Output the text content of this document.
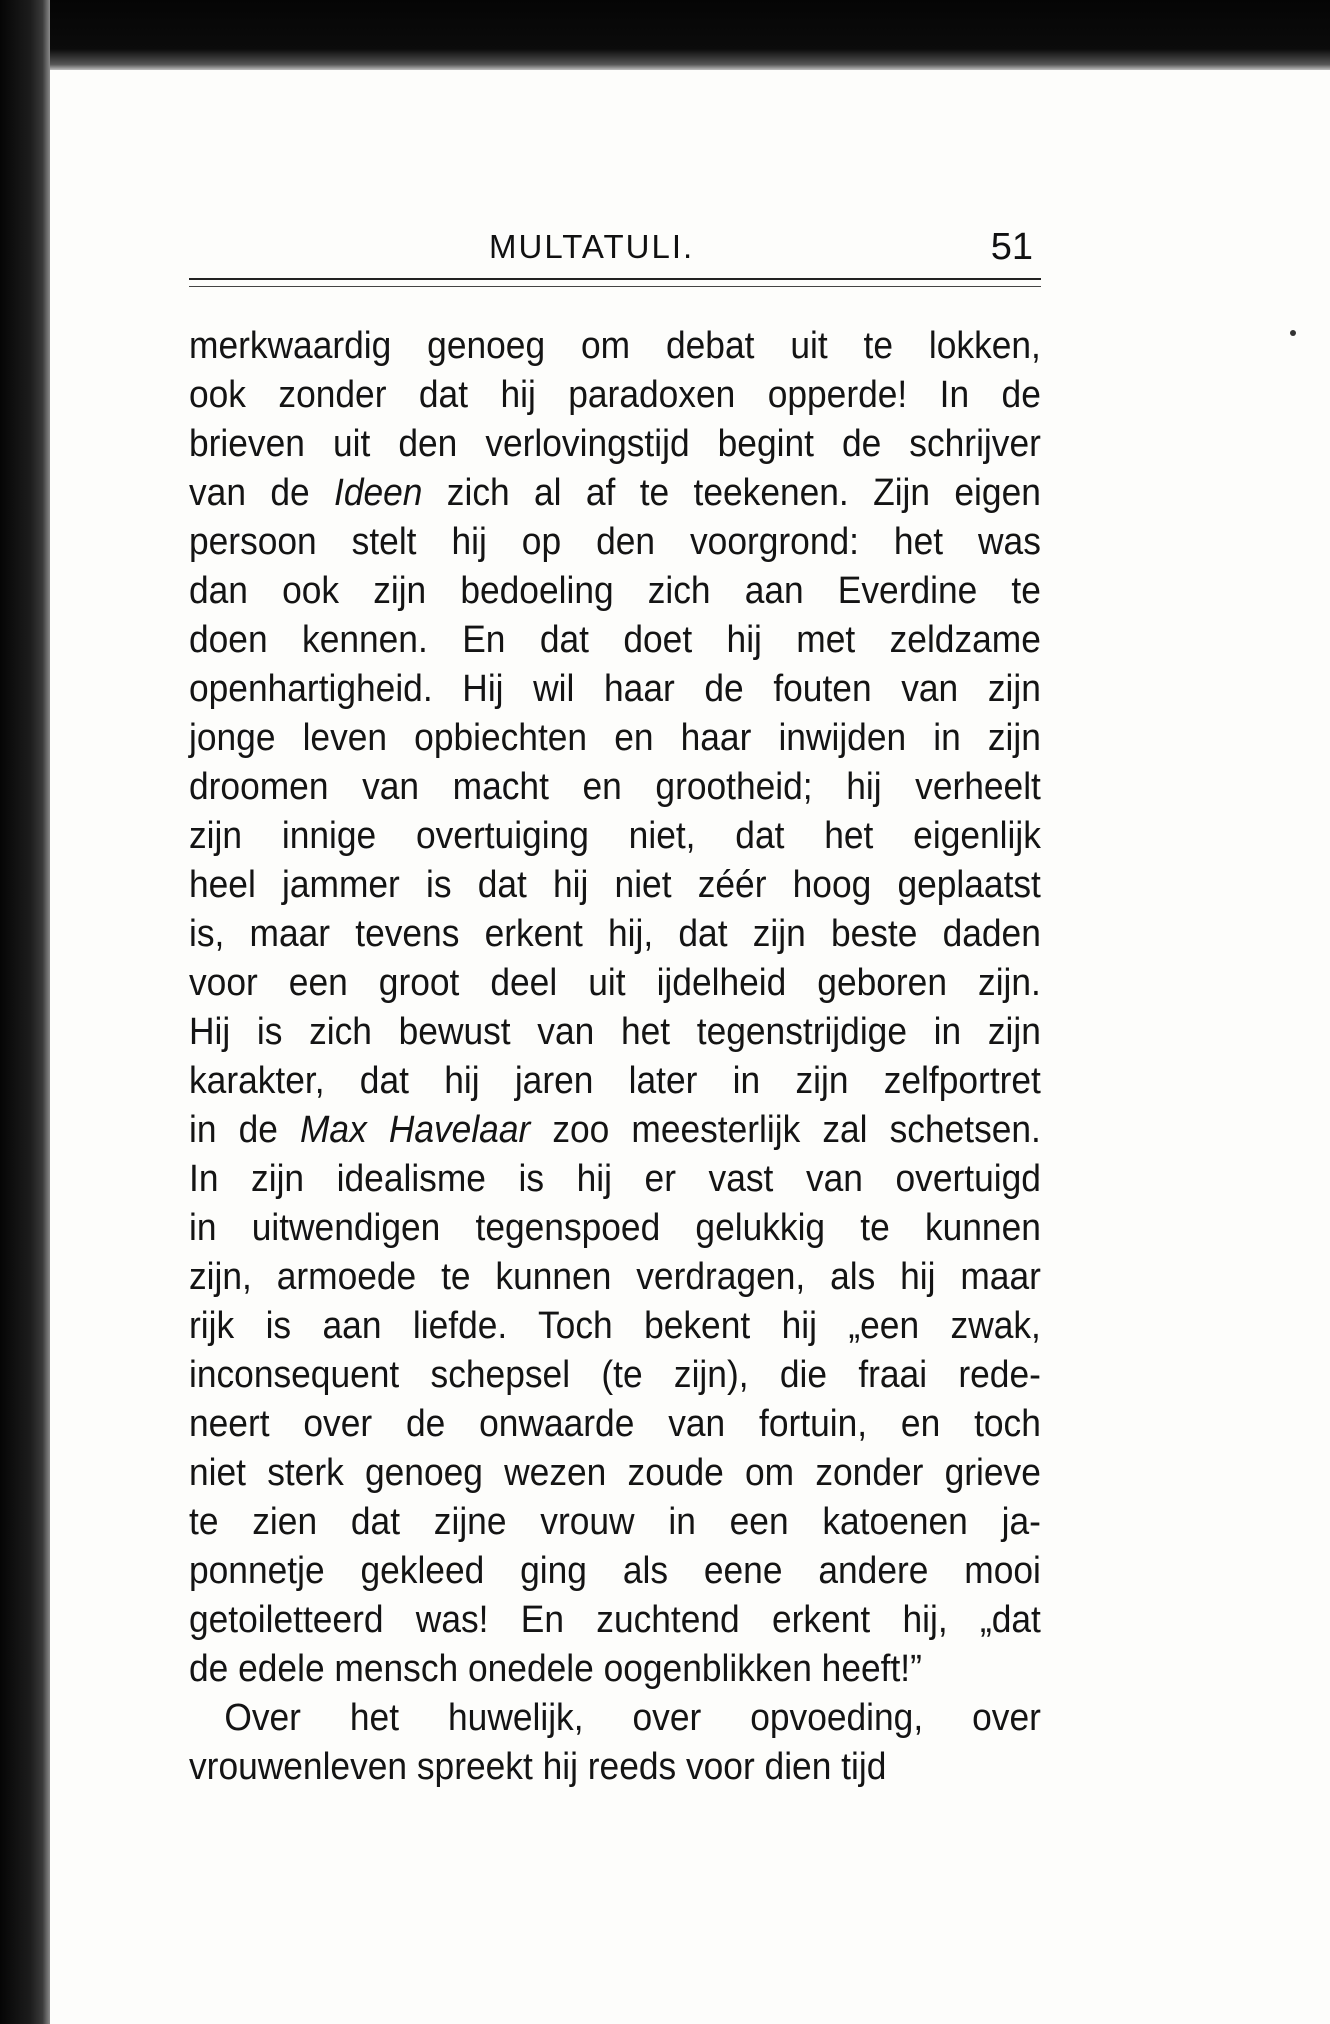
MULTATULI.	51
merkwaardig genoeg om debat uit te lokken,
ook zonder dat hij paradoxen opperde! In de
brieven uit den verlovingstijd begint de schrijver
van de Ideen zich al af te teekenen. Zijn eigen
persoon stelt hij op den voorgrond: het was
dan ook zijn bedoeling zich aan Everdine te
doen kennen. En dat doet hij met zeldzame
openhartigheid. Hij wil haar de fouten van zijn
jonge leven opbiechten en haar inwijden in zijn
droomen van macht en grootheid; hij verheelt
zijn innige overtuiging niet, dat het eigenlijk
heel jammer is dat hij niet zéér hoog geplaatst
is, maar tevens erkent hij, dat zijn beste daden
voor een groot deel uit ijdelheid geboren zijn.
Hij is zich bewust van het tegenstrijdige in zijn
karakter, dat hij jaren later in zijn zelfportret
in de Max Havelaar zoo meesterlijk zal schetsen.
In zijn idealisme is hij er vast van overtuigd
in uitwendigen tegenspoed gelukkig te kunnen
zijn, armoede te kunnen verdragen, als hij maar
rijk is aan liefde. Toch bekent hij „een zwak,
inconsequent schepsel (te zijn), die fraai rede-
neert over de onwaarde van fortuin, en toch
niet sterk genoeg wezen zoude om zonder grieve
te zien dat zijne vrouw in een katoenen ja-
ponnetje gekleed ging als eene andere mooi
getoiletteerd was! En zuchtend erkent hij, „dat
de edele mensch onedele oogenblikken heeft!”
Over het huwelijk, over opvoeding, over
vrouwenleven spreekt hij reeds voor dien tijd
